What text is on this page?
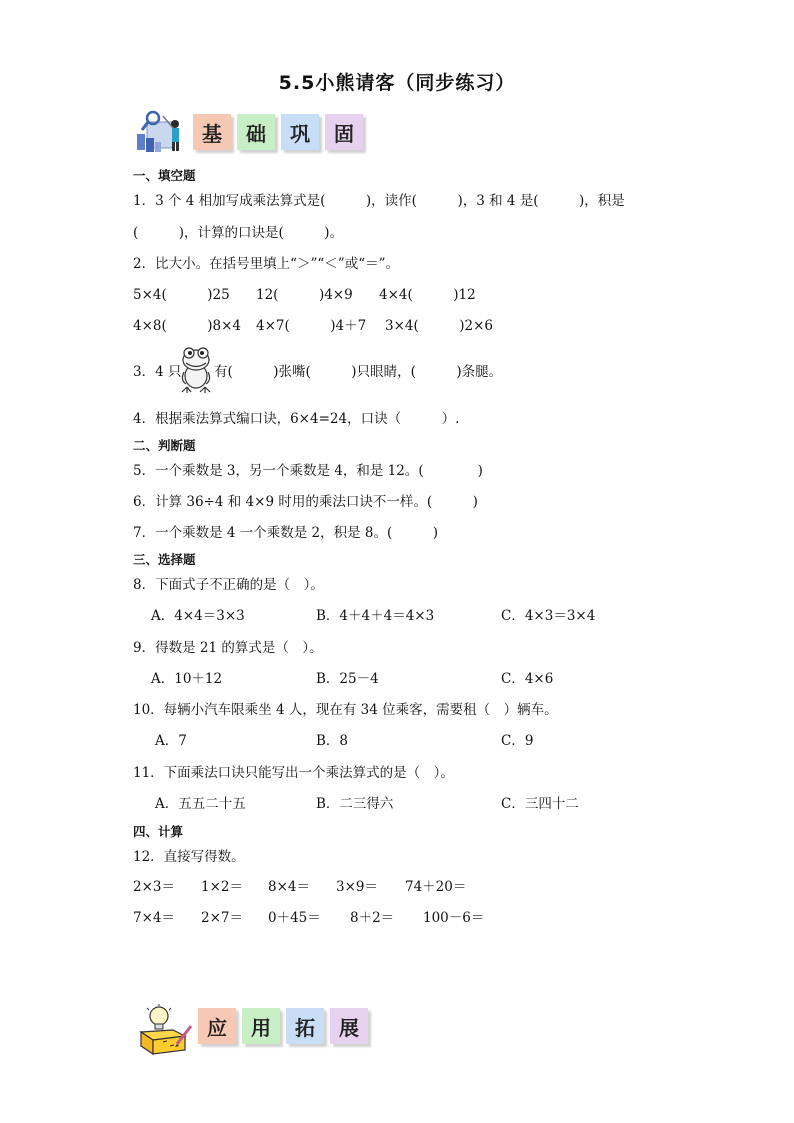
5.5小熊请客（同步练习）
基	础	巩	固
一、填空题
1．3 个 4 相加写成乘法算式是(　　　)，读作(　　　)，3 和 4 是(　　　)，积是
(　　　)，计算的口诀是(　　　)。
2．比大小。在括号里填上“＞”“＜”或“＝”。
5×4(　　　)25 12(　　　)4×9 4×4(　　　)12
4×8(　　　)8×4 4×7(　　　)4＋7 3×4(　　　)2×6
3．4 只 有(　　　)张嘴(　　　)只眼睛，(　　　)条腿。
4．根据乘法算式编口诀，6×4=24，口诀（　　　）.
二、判断题
5．一个乘数是 3，另一个乘数是 4，和是 12。(　　　　)
6．计算 36÷4 和 4×9 时用的乘法口诀不一样。(　　　)
7．一个乘数是 4 一个乘数是 2，积是 8。(　　　)
三、选择题
8．下面式子不正确的是（　）。
A．4×4＝3×3	B．4＋4＋4＝4×3	C．4×3＝3×4
9．得数是 21 的算式是（　）。
A．10＋12	B．25－4	C．4×6
10．每辆小汽车限乘坐 4 人，现在有 34 位乘客，需要租（　）辆车。
A．7	B．8	C．9
11．下面乘法口诀只能写出一个乘法算式的是（　）。
A．五五二十五	B．二三得六	C．三四十二
四、计算
12．直接写得数。
2×3＝ 1×2＝ 8×4＝ 3×9＝ 74＋20＝
7×4＝ 2×7＝ 0＋45＝ 8＋2＝ 100－6＝
应	用	拓	展
